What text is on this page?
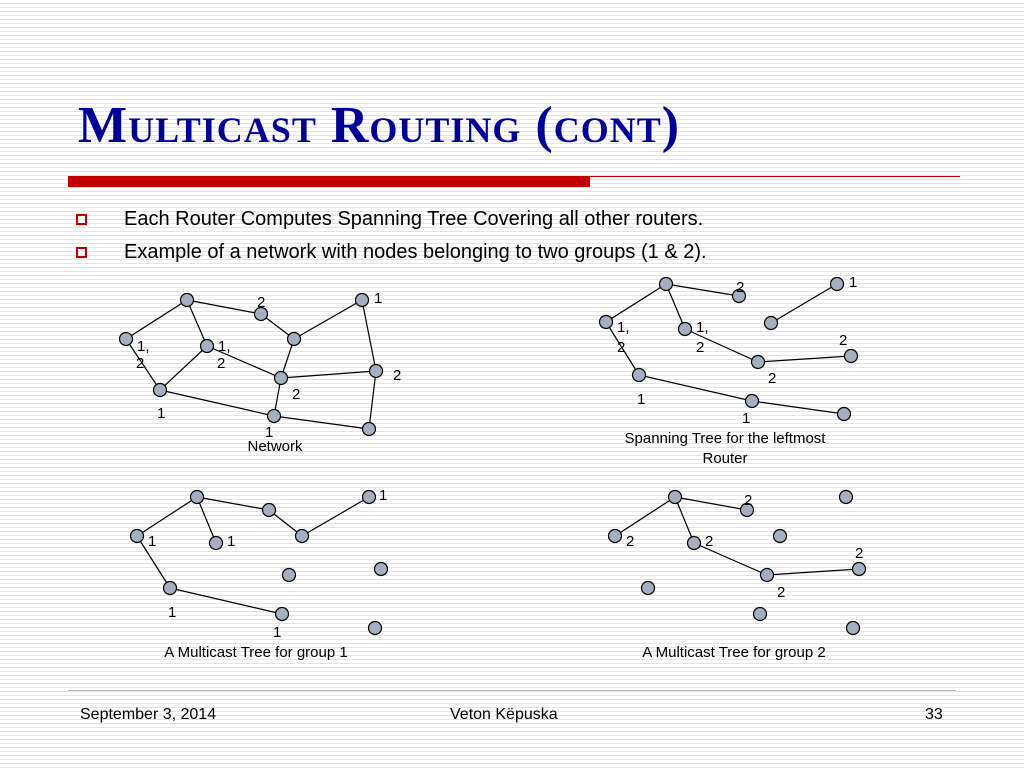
Multicast Routing (cont)
Each Router Computes Spanning Tree Covering all other routers.
Example of a network with nodes belonging to two groups (1 & 2).
2	1
1,
2
1,
2
2
2
1
1
Network
2	1
1,
2
1,
2	2
2
1
1
Spanning Tree for the leftmost
Router
1
1	1
1
1
A Multicast Tree for group 1
2
2	2
2
2
A Multicast Tree for group 2
September 3, 2014	Veton Këpuska	33
